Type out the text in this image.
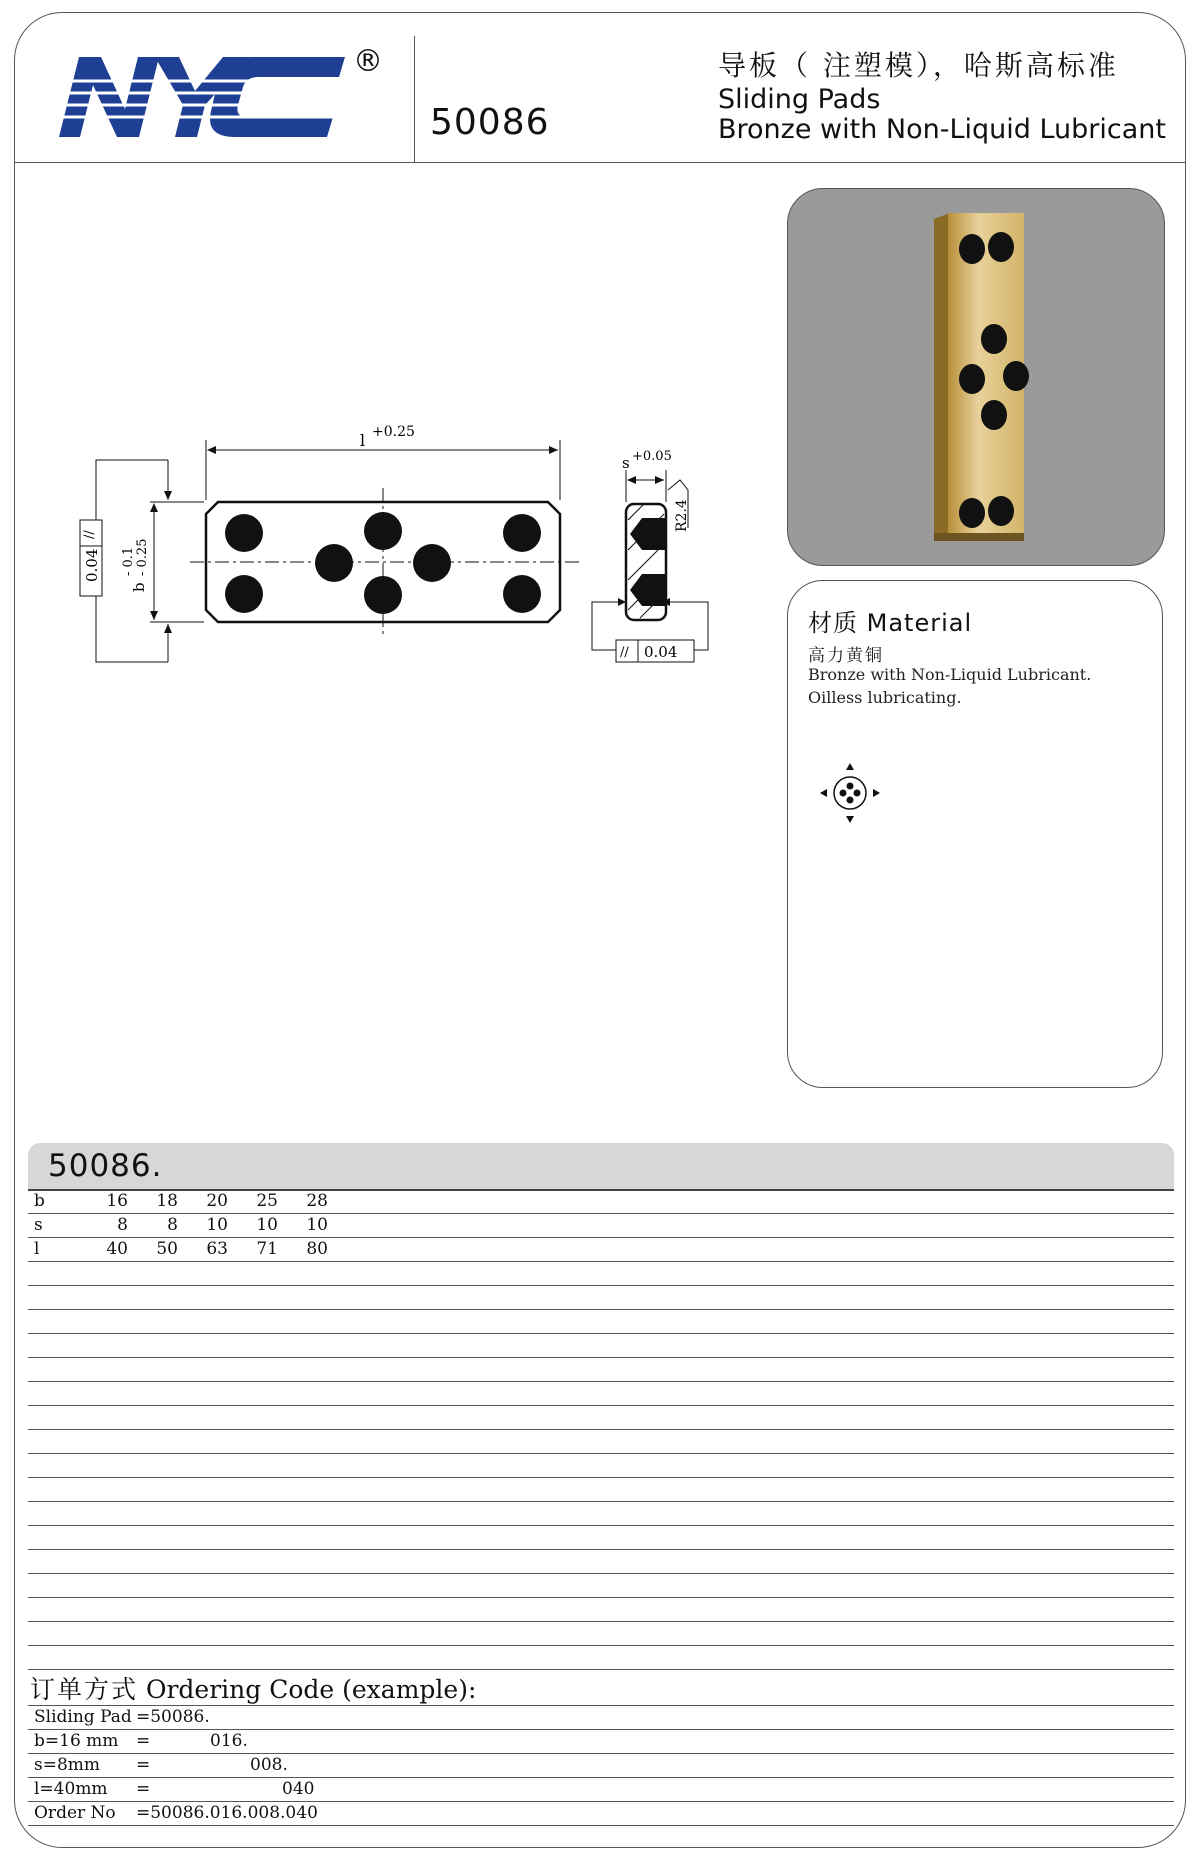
®
50086
导板（ 注塑模），哈斯高标准
Sliding Pads
Bronze with Non-Liquid Lubricant
l +0.25
b
- 0.1 - 0.25
0.04
//
s +0.05
R2.4
// 0.04
材质 Material
高力黄铜
Bronze with Non-Liquid Lubricant.
Oilless lubricating.
50086.
b	16	18	20	25	28
s	8	8	10	10	10
l	40	50	63	71	80
订单方式 Ordering Code (example):
Sliding Pad =50086.
b=16 mm =	016.
s=8mm =	008.
l=40mm =	040
Order No =50086.016.008.040
